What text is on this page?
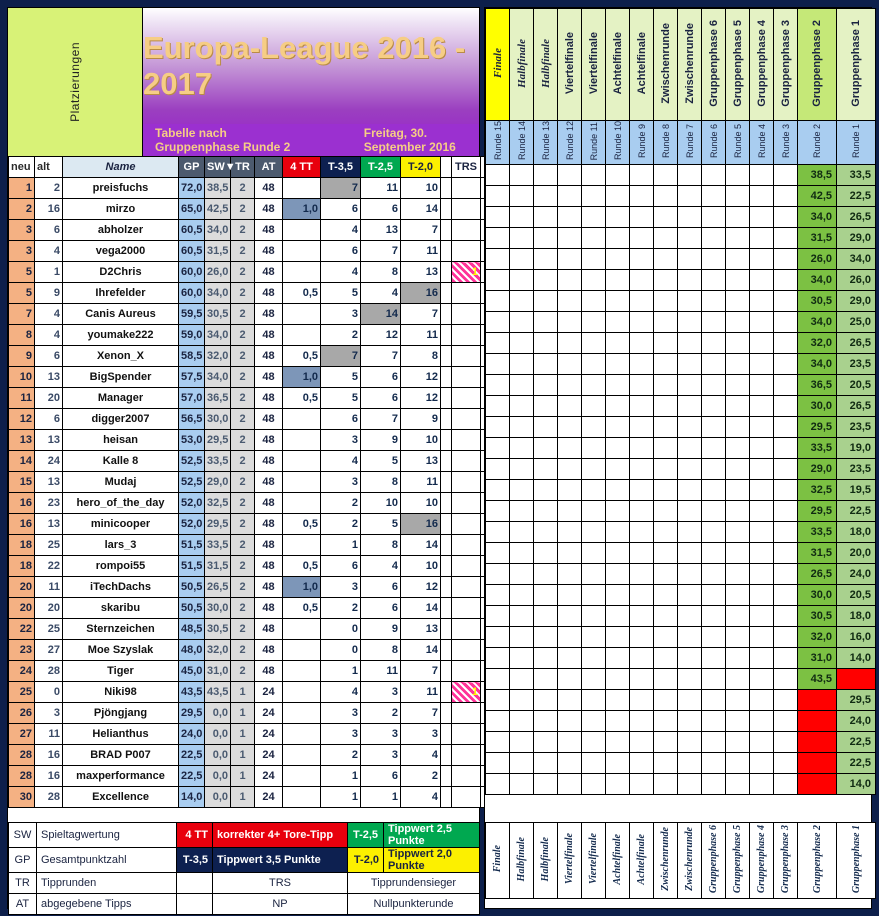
Platzierungen Europa-League 2016 - 2017
Tabelle nach Gruppenphase Runde 2
Freitag, 30. September 2016
neu	alt	Name	GP	SW▼	TR	AT	4 TT	T-3,5	T-2,5	T-2,0		TRS	
1	2	preisfuchs	72,0	38,5	2	48		7	11	10			
2	16	mirzo	65,0	42,5	2	48	1,0	6	6	14			
3	6	abholzer	60,5	34,0	2	48		4	13	7			
3	4	vega2000	60,5	31,5	2	48		6	7	11			
5	1	D2Chris	60,0	26,0	2	48		4	8	13		1	
5	9	Ihrefelder	60,0	34,0	2	48	0,5	5	4	16			
7	4	Canis Aureus	59,5	30,5	2	48		3	14	7			
8	4	youmake222	59,0	34,0	2	48		2	12	11			
9	6	Xenon_X	58,5	32,0	2	48	0,5	7	7	8			
10	13	BigSpender	57,5	34,0	2	48	1,0	5	6	12			
11	20	Manager	57,0	36,5	2	48	0,5	5	6	12			
12	6	digger2007	56,5	30,0	2	48		6	7	9			
13	13	heisan	53,0	29,5	2	48		3	9	10			
14	24	Kalle 8	52,5	33,5	2	48		4	5	13			
15	13	Mudaj	52,5	29,0	2	48		3	8	11			
16	23	hero_of_the_day	52,0	32,5	2	48		2	10	10			
16	13	minicooper	52,0	29,5	2	48	0,5	2	5	16			
18	25	lars_3	51,5	33,5	2	48		1	8	14			
18	22	rompoi55	51,5	31,5	2	48	0,5	6	4	10			
20	11	iTechDachs	50,5	26,5	2	48	1,0	3	6	12			
20	20	skaribu	50,5	30,0	2	48	0,5	2	6	14			
22	25	Sternzeichen	48,5	30,5	2	48		0	9	13			
23	27	Moe Szyslak	48,0	32,0	2	48		0	8	14			
24	28	Tiger	45,0	31,0	2	48		1	11	7			
25	0	Niki98	43,5	43,5	1	24		4	3	11		1	
26	3	Pjöngjang	29,5	0,0	1	24		3	2	7			
27	11	Helianthus	24,0	0,0	1	24		3	3	3			
28	16	BRAD P007	22,5	0,0	1	24		2	3	4			
28	16	maxperformance	22,5	0,0	1	24		1	6	2			
30	28	Excellence	14,0	0,0	1	24		1	1	4			
SW	Spieltagwertung	4 TT	korrekter 4+ Tore-Tipp	T-2,5	Tippwert 2,5 Punkte
GP	Gesamtpunktzahl	T-3,5	Tippwert 3,5 Punkte	T-2,0	Tippwert 2,0 Punkte
TR	Tipprunden		TRS	Tipprundensieger	
AT	abgegebene Tipps		NP	Nullpunkterunde	
Finale	Halbfinale	Halbfinale	Viertelfinale	Viertelfinale	Achtelfinale	Achtelfinale	Zwischenrunde	Zwischenrunde	Gruppenphase 6	Gruppenphase 5	Gruppenphase 4	Gruppenphase 3	Gruppenphase 2	Gruppenphase 1
Runde 15	Runde 14	Runde 13	Runde 12	Runde 11	Runde 10	Runde 9	Runde 8	Runde 7	Runde 6	Runde 5	Runde 4	Runde 3	Runde 2	Runde 1
													38,5	33,5
													42,5	22,5
													34,0	26,5
													31,5	29,0
													26,0	34,0
													34,0	26,0
													30,5	29,0
													34,0	25,0
													32,0	26,5
													34,0	23,5
													36,5	20,5
													30,0	26,5
													29,5	23,5
													33,5	19,0
													29,0	23,5
													32,5	19,5
													29,5	22,5
													33,5	18,0
													31,5	20,0
													26,5	24,0
													30,0	20,5
													30,5	18,0
													32,0	16,0
													31,0	14,0
													43,5	
														29,5
														24,0
														22,5
														22,5
														14,0
Finale	Halbfinale	Halbfinale	Viertelfinale	Viertelfinale	Achtelfinale	Achtelfinale	Zwischenrunde	Zwischenrunde	Gruppenphase 6	Gruppenphase 5	Gruppenphase 4	Gruppenphase 3	Gruppenphase 2	Gruppenphase 1
